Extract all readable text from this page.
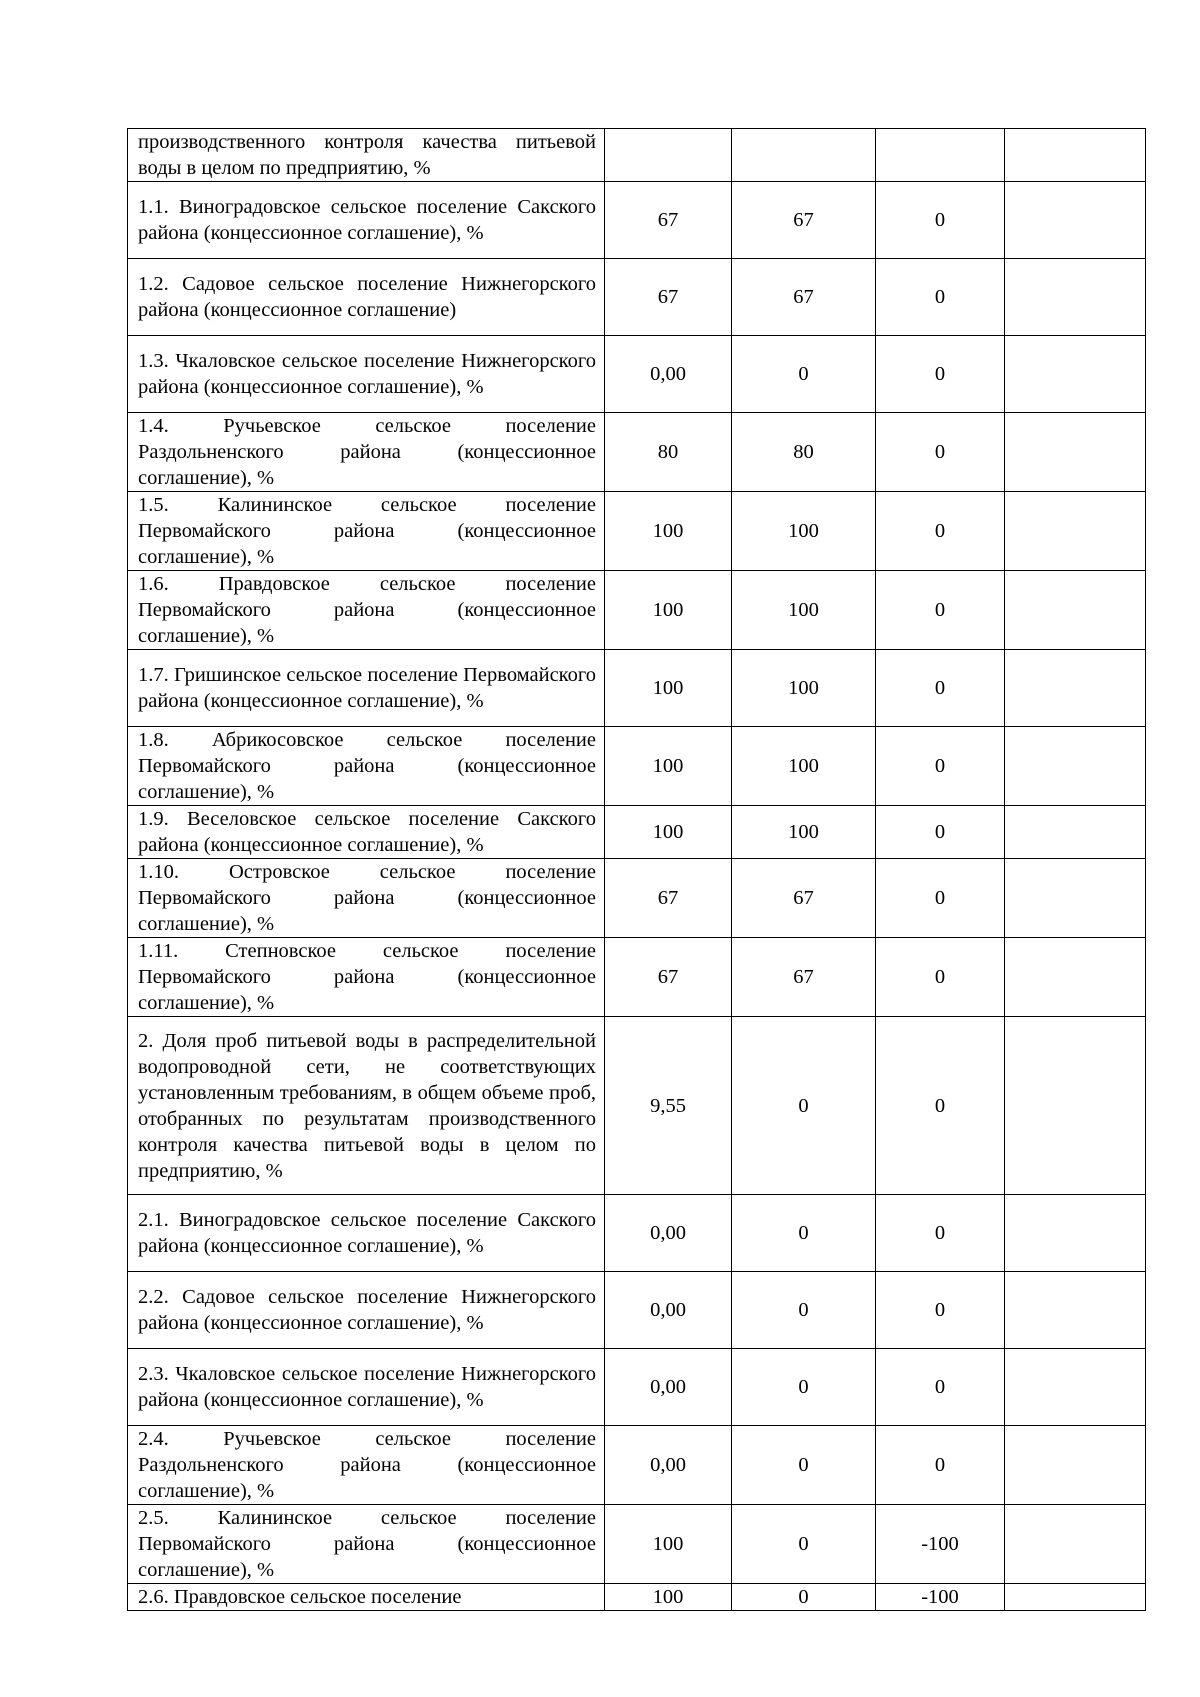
производственного контроля качества питьевой воды в целом по предприятию, %				
1.1. Виноградовское сельское поселение Сакского района (концессионное соглашение), %	67	67	0	
1.2. Садовое сельское поселение Нижнегорского района (концессионное соглашение)	67	67	0	
1.3. Чкаловское сельское поселение Нижнегорского района (концессионное соглашение), %	0,00	0	0	
1.4. Ручьевское сельское поселение Раздольненского района (концессионное соглашение), %	80	80	0	
1.5. Калининское сельское поселение Первомайского района (концессионное соглашение), %	100	100	0	
1.6. Правдовское сельское поселение Первомайского района (концессионное соглашение), %	100	100	0	
1.7. Гришинское сельское поселение Первомайского района (концессионное соглашение), %	100	100	0	
1.8. Абрикосовское сельское поселение Первомайского района (концессионное соглашение), %	100	100	0	
1.9. Веселовское сельское поселение Сакского района (концессионное соглашение), %	100	100	0	
1.10. Островское сельское поселение Первомайского района (концессионное соглашение), %	67	67	0	
1.11. Степновское сельское поселение Первомайского района (концессионное соглашение), %	67	67	0	
2. Доля проб питьевой воды в распределительной водопроводной сети, не соответствующих установленным требованиям, в общем объеме проб, отобранных по результатам производственного контроля качества питьевой воды в целом по предприятию, %	9,55	0	0	
2.1. Виноградовское сельское поселение Сакского района (концессионное соглашение), %	0,00	0	0	
2.2. Садовое сельское поселение Нижнегорского района (концессионное соглашение), %	0,00	0	0	
2.3. Чкаловское сельское поселение Нижнегорского района (концессионное соглашение), %	0,00	0	0	
2.4. Ручьевское сельское поселение Раздольненского района (концессионное соглашение), %	0,00	0	0	
2.5. Калининское сельское поселение Первомайского района (концессионное соглашение), %	100	0	-100	
2.6. Правдовское сельское поселение	100	0	-100	
